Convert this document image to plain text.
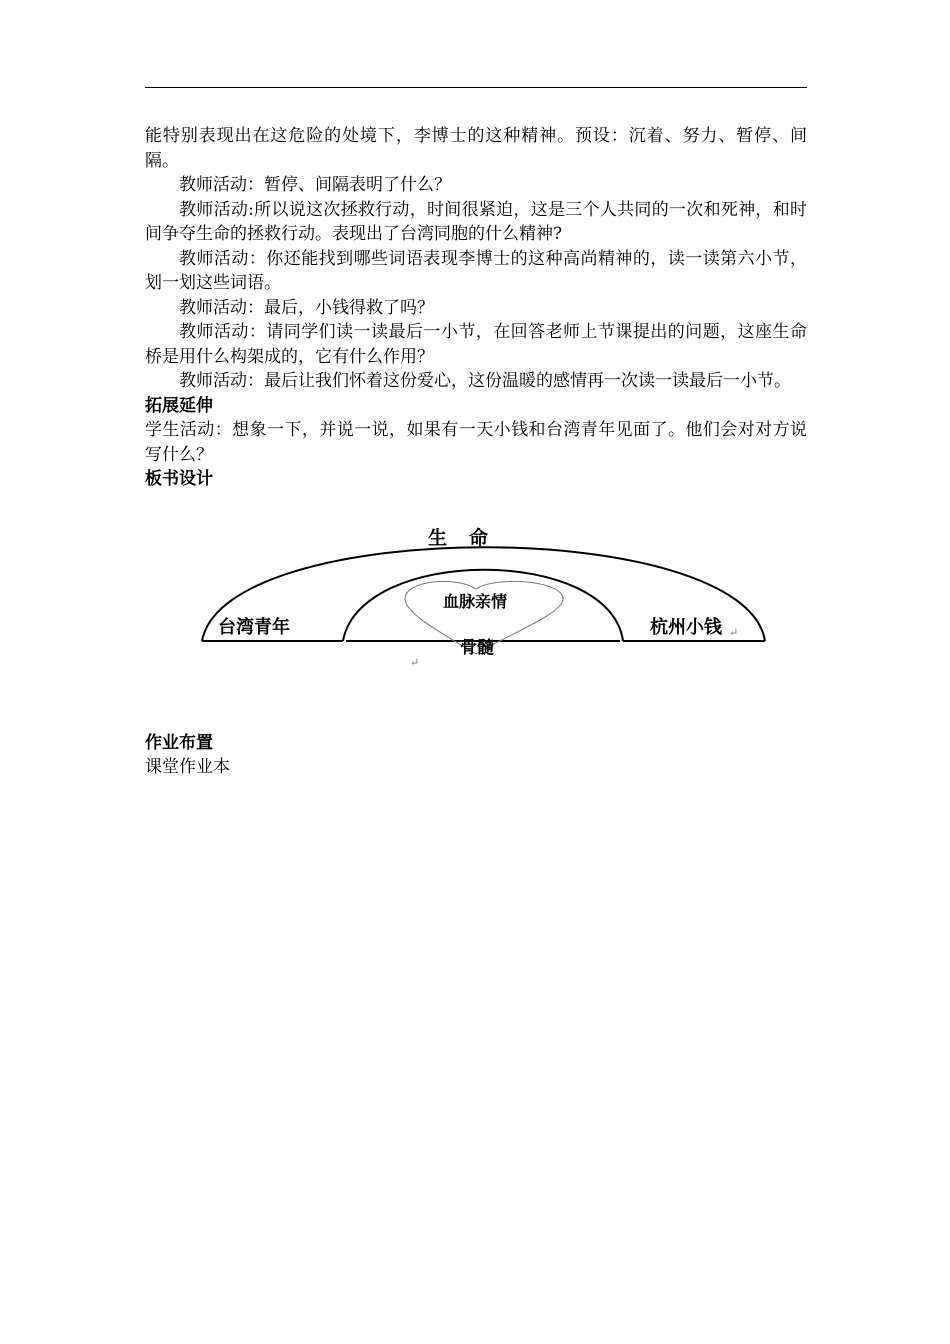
能特别表现出在这危险的处境下，李博士的这种精神。预设：沉着、努力、暂停、间隔。

教师活动：暂停、间隔表明了什么？

教师活动:所以说这次拯救行动，时间很紧迫，这是三个人共同的一次和死神，和时间争夺生命的拯救行动。表现出了台湾同胞的什么精神?

教师活动：你还能找到哪些词语表现李博士的这种高尚精神的，读一读第六小节，划一划这些词语。

教师活动：最后，小钱得救了吗？

教师活动：请同学们读一读最后一小节，在回答老师上节课提出的问题，这座生命桥是用什么构架成的，它有什么作用？

教师活动：最后让我们怀着这份爱心，这份温暖的感情再一次读一读最后一小节。

拓展延伸

学生活动：想象一下，并说一说，如果有一天小钱和台湾青年见面了。他们会对对方说写什么？

板书设计
生命
血脉亲情
骨髓
台湾青年	杭州小钱 ↵
↵
作业布置

课堂作业本
